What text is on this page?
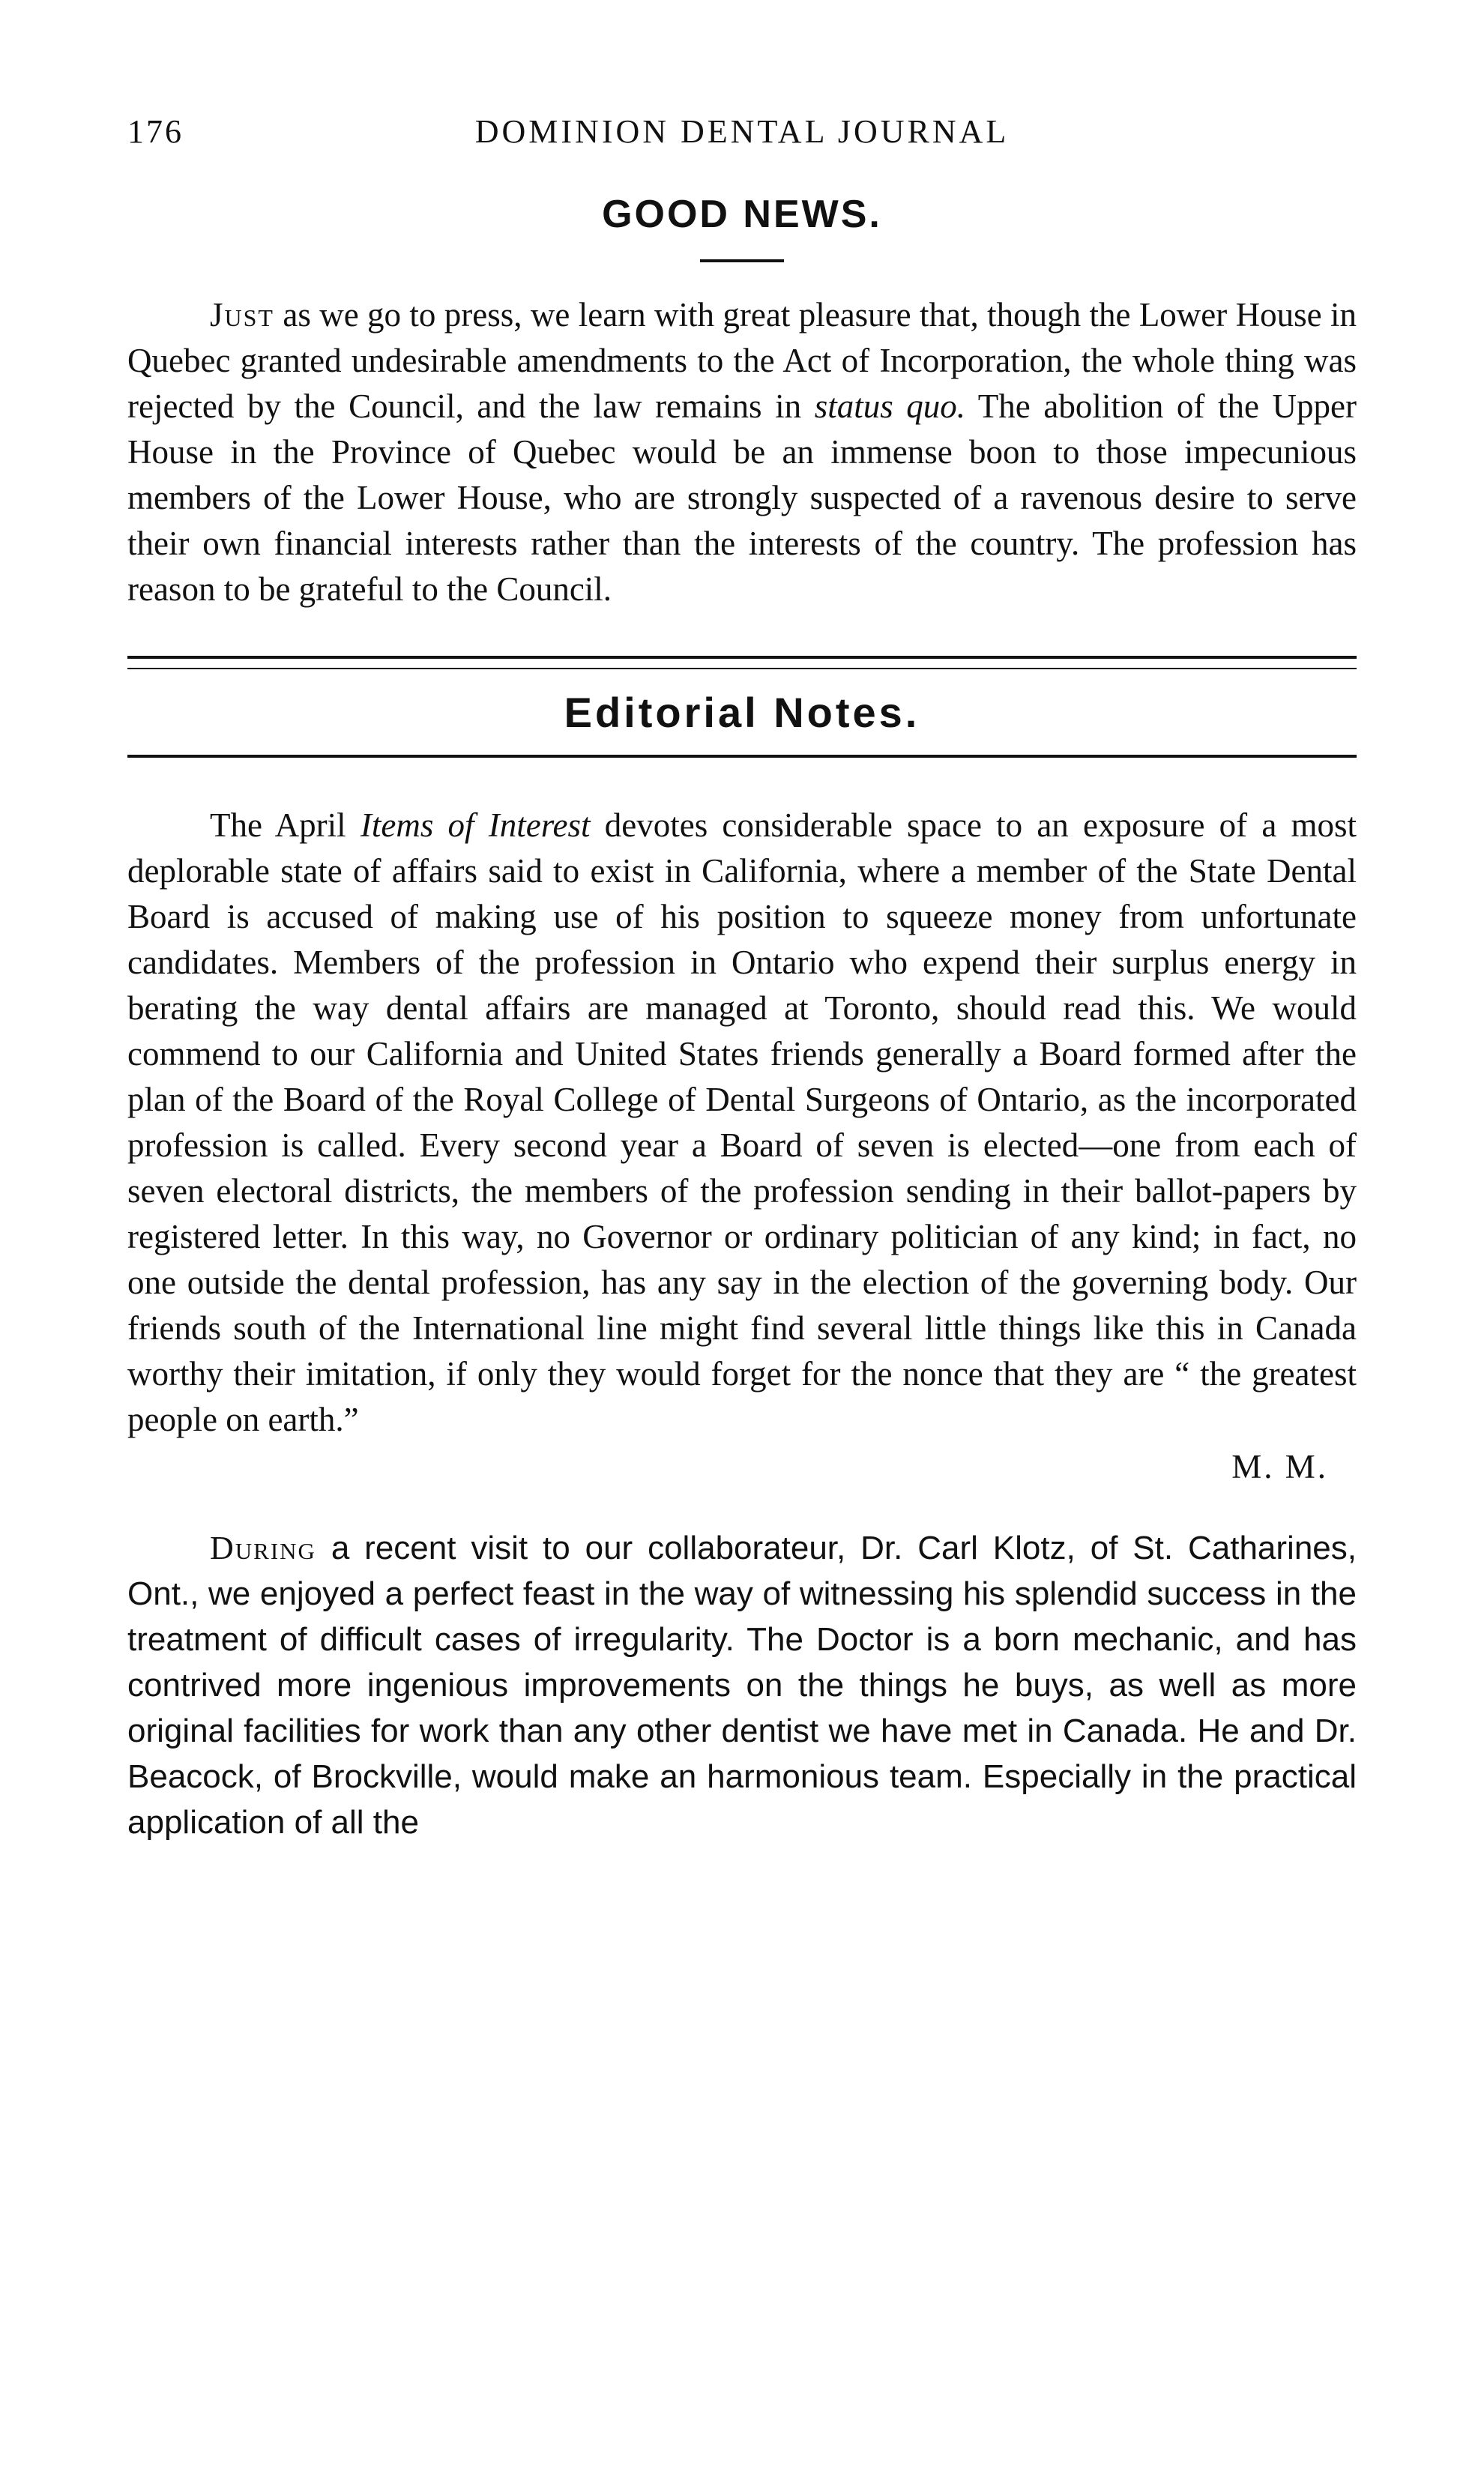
176	DOMINION DENTAL JOURNAL
GOOD NEWS.

Just as we go to press, we learn with great pleasure that, though the Lower House in Quebec granted undesirable amendments to the Act of Incorporation, the whole thing was rejected by the Council, and the law remains in status quo. The abolition of the Upper House in the Province of Quebec would be an immense boon to those impecunious members of the Lower House, who are strongly suspected of a ravenous desire to serve their own financial interests rather than the interests of the country. The profession has reason to be grateful to the Council.

Editorial Notes.

The April Items of Interest devotes considerable space to an exposure of a most deplorable state of affairs said to exist in California, where a member of the State Dental Board is accused of making use of his position to squeeze money from unfortunate candidates. Members of the profession in Ontario who expend their surplus energy in berating the way dental affairs are managed at Toronto, should read this. We would commend to our California and United States friends generally a Board formed after the plan of the Board of the Royal College of Dental Surgeons of Ontario, as the incorporated profession is called. Every second year a Board of seven is elected—one from each of seven electoral districts, the members of the profession sending in their ballot-papers by registered letter. In this way, no Governor or ordinary politician of any kind; in fact, no one outside the dental profession, has any say in the election of the governing body. Our friends south of the International line might find several little things like this in Canada worthy their imitation, if only they would forget for the nonce that they are “ the greatest people on earth.”

M. M.

During a recent visit to our collaborateur, Dr. Carl Klotz, of St. Catharines, Ont., we enjoyed a perfect feast in the way of witnessing his splendid success in the treatment of difficult cases of irregularity. The Doctor is a born mechanic, and has contrived more ingenious improvements on the things he buys, as well as more original facilities for work than any other dentist we have met in Canada. He and Dr. Beacock, of Brockville, would make an harmonious team. Especially in the practical application of all the
